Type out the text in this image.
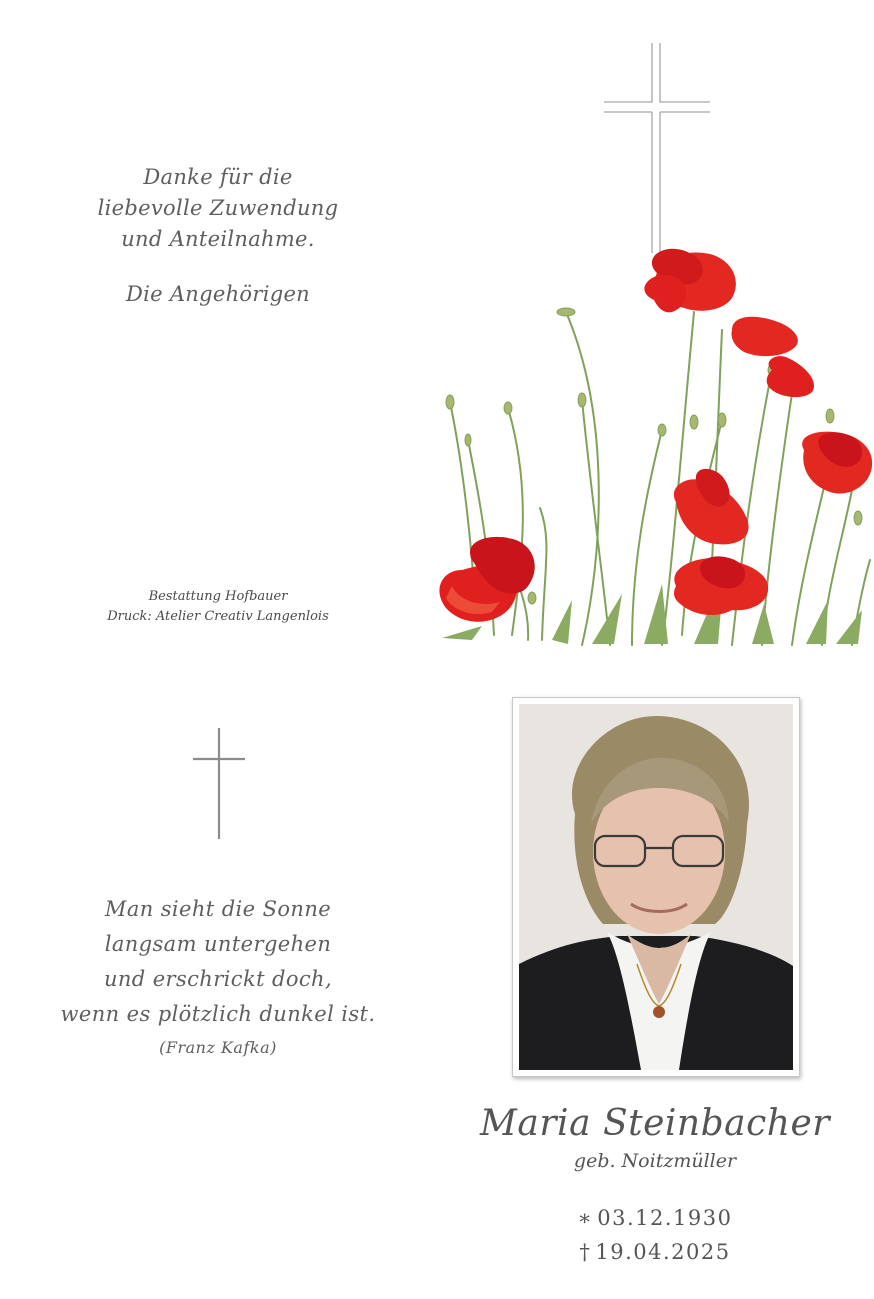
Danke für die

liebevolle Zuwendung

und Anteilnahme.

Die Angehörigen

Bestattung Hofbauer

Druck: Atelier Creativ Langenlois

Man sieht die Sonne

langsam untergehen

und erschrickt doch,

wenn es plötzlich dunkel ist.

(Franz Kafka)
Maria Steinbacher
geb. Noitzmüller

∗ 03.12.1930

† 19.04.2025
